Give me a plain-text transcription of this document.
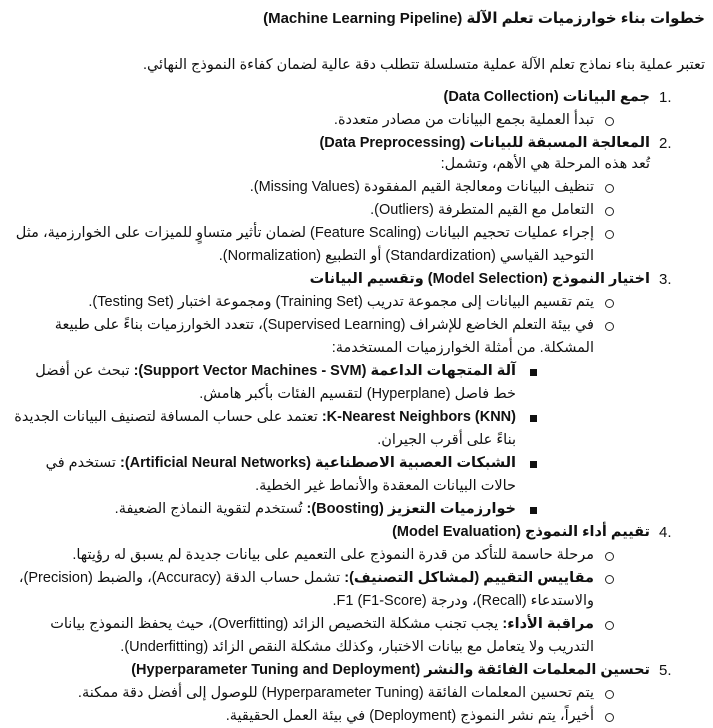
خطوات بناء خوارزميات تعلم الآلة (Machine Learning Pipeline)

تعتبر عملية بناء نماذج تعلم الآلة عملية متسلسلة تتطلب دقة عالية لضمان كفاءة النموذج النهائي.

1.
جمع البيانات (Data Collection)
تبدأ العملية بجمع البيانات من مصادر متعددة.
2.
المعالجة المسبقة للبيانات (Data Preprocessing)
تُعد هذه المرحلة هي الأهم، وتشمل:
تنظيف البيانات ومعالجة القيم المفقودة (Missing Values).
التعامل مع القيم المتطرفة (Outliers).
إجراء عمليات تحجيم البيانات (Feature Scaling) لضمان تأثير متساوٍ للميزات على الخوارزمية، مثل التوحيد القياسي (Standardization) أو التطبيع (Normalization).
3.
اختيار النموذج (Model Selection) وتقسيم البيانات
يتم تقسيم البيانات إلى مجموعة تدريب (Training Set) ومجموعة اختبار (Testing Set).
في بيئة التعلم الخاضع للإشراف (Supervised Learning)، تتعدد الخوارزميات بناءً على طبيعة المشكلة. من أمثلة الخوارزميات المستخدمة:
آلة المتجهات الداعمة (Support Vector Machines - SVM): تبحث عن أفضل خط فاصل (Hyperplane) لتقسيم الفئات بأكبر هامش.
K-Nearest Neighbors (KNN): تعتمد على حساب المسافة لتصنيف البيانات الجديدة بناءً على أقرب الجيران.
الشبكات العصبية الاصطناعية (Artificial Neural Networks): تستخدم في حالات البيانات المعقدة والأنماط غير الخطية.
خوارزميات التعزيز (Boosting): تُستخدم لتقوية النماذج الضعيفة.
4.
تقييم أداء النموذج (Model Evaluation)
مرحلة حاسمة للتأكد من قدرة النموذج على التعميم على بيانات جديدة لم يسبق له رؤيتها.
مقاييس التقييم (لمشاكل التصنيف): تشمل حساب الدقة (Accuracy)، والضبط (Precision)، والاستدعاء (Recall)، ودرجة F1 (F1-Score).
مراقبة الأداء: يجب تجنب مشكلة التخصيص الزائد (Overfitting)، حيث يحفظ النموذج بيانات التدريب ولا يتعامل مع بيانات الاختبار، وكذلك مشكلة النقص الزائد (Underfitting).
5.
تحسين المعلمات الفائقة والنشر (Hyperparameter Tuning and Deployment)
يتم تحسين المعلمات الفائقة (Hyperparameter Tuning) للوصول إلى أفضل دقة ممكنة.
أخيراً، يتم نشر النموذج (Deployment) في بيئة العمل الحقيقية.
